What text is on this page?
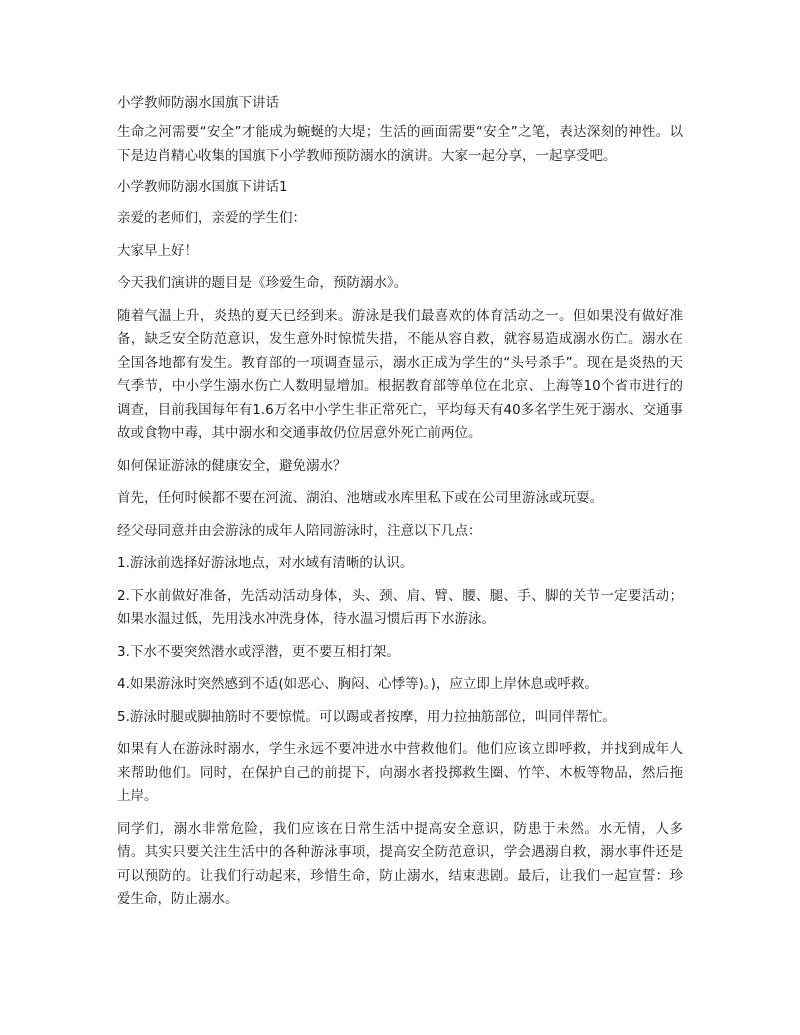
小学教师防溺水国旗下讲话

生命之河需要“安全”才能成为蜿蜒的大堤；生活的画面需要“安全”之笔，表达深刻的神性。以下是边肖精心收集的国旗下小学教师预防溺水的演讲。大家一起分享，一起享受吧。

小学教师防溺水国旗下讲话1

亲爱的老师们，亲爱的学生们：

大家早上好！

今天我们演讲的题目是《珍爱生命，预防溺水》。

随着气温上升，炎热的夏天已经到来。游泳是我们最喜欢的体育活动之一。但如果没有做好准备，缺乏安全防范意识，发生意外时惊慌失措，不能从容自救，就容易造成溺水伤亡。溺水在全国各地都有发生。教育部的一项调查显示，溺水正成为学生的“头号杀手”。现在是炎热的天气季节，中小学生溺水伤亡人数明显增加。根据教育部等单位在北京、上海等10个省市进行的调查，目前我国每年有1.6万名中小学生非正常死亡，平均每天有40多名学生死于溺水、交通事故或食物中毒，其中溺水和交通事故仍位居意外死亡前两位。

如何保证游泳的健康安全，避免溺水？

首先，任何时候都不要在河流、湖泊、池塘或水库里私下或在公司里游泳或玩耍。

经父母同意并由会游泳的成年人陪同游泳时，注意以下几点：

1.游泳前选择好游泳地点，对水域有清晰的认识。

2.下水前做好准备，先活动活动身体，头、颈、肩、臂、腰、腿、手、脚的关节一定要活动；如果水温过低，先用浅水冲洗身体，待水温习惯后再下水游泳。

3.下水不要突然潜水或浮潜，更不要互相打架。

4.如果游泳时突然感到不适(如恶心、胸闷、心悸等)。)，应立即上岸休息或呼救。

5.游泳时腿或脚抽筋时不要惊慌。可以踢或者按摩，用力拉抽筋部位，叫同伴帮忙。

如果有人在游泳时溺水，学生永远不要冲进水中营救他们。他们应该立即呼救，并找到成年人来帮助他们。同时，在保护自己的前提下，向溺水者投掷救生圈、竹竿、木板等物品，然后拖上岸。

同学们，溺水非常危险，我们应该在日常生活中提高安全意识，防患于未然。水无情，人多情。其实只要关注生活中的各种游泳事项，提高安全防范意识，学会遇溺自救，溺水事件还是可以预防的。让我们行动起来，珍惜生命，防止溺水，结束悲剧。最后，让我们一起宣誓：珍爱生命，防止溺水。
